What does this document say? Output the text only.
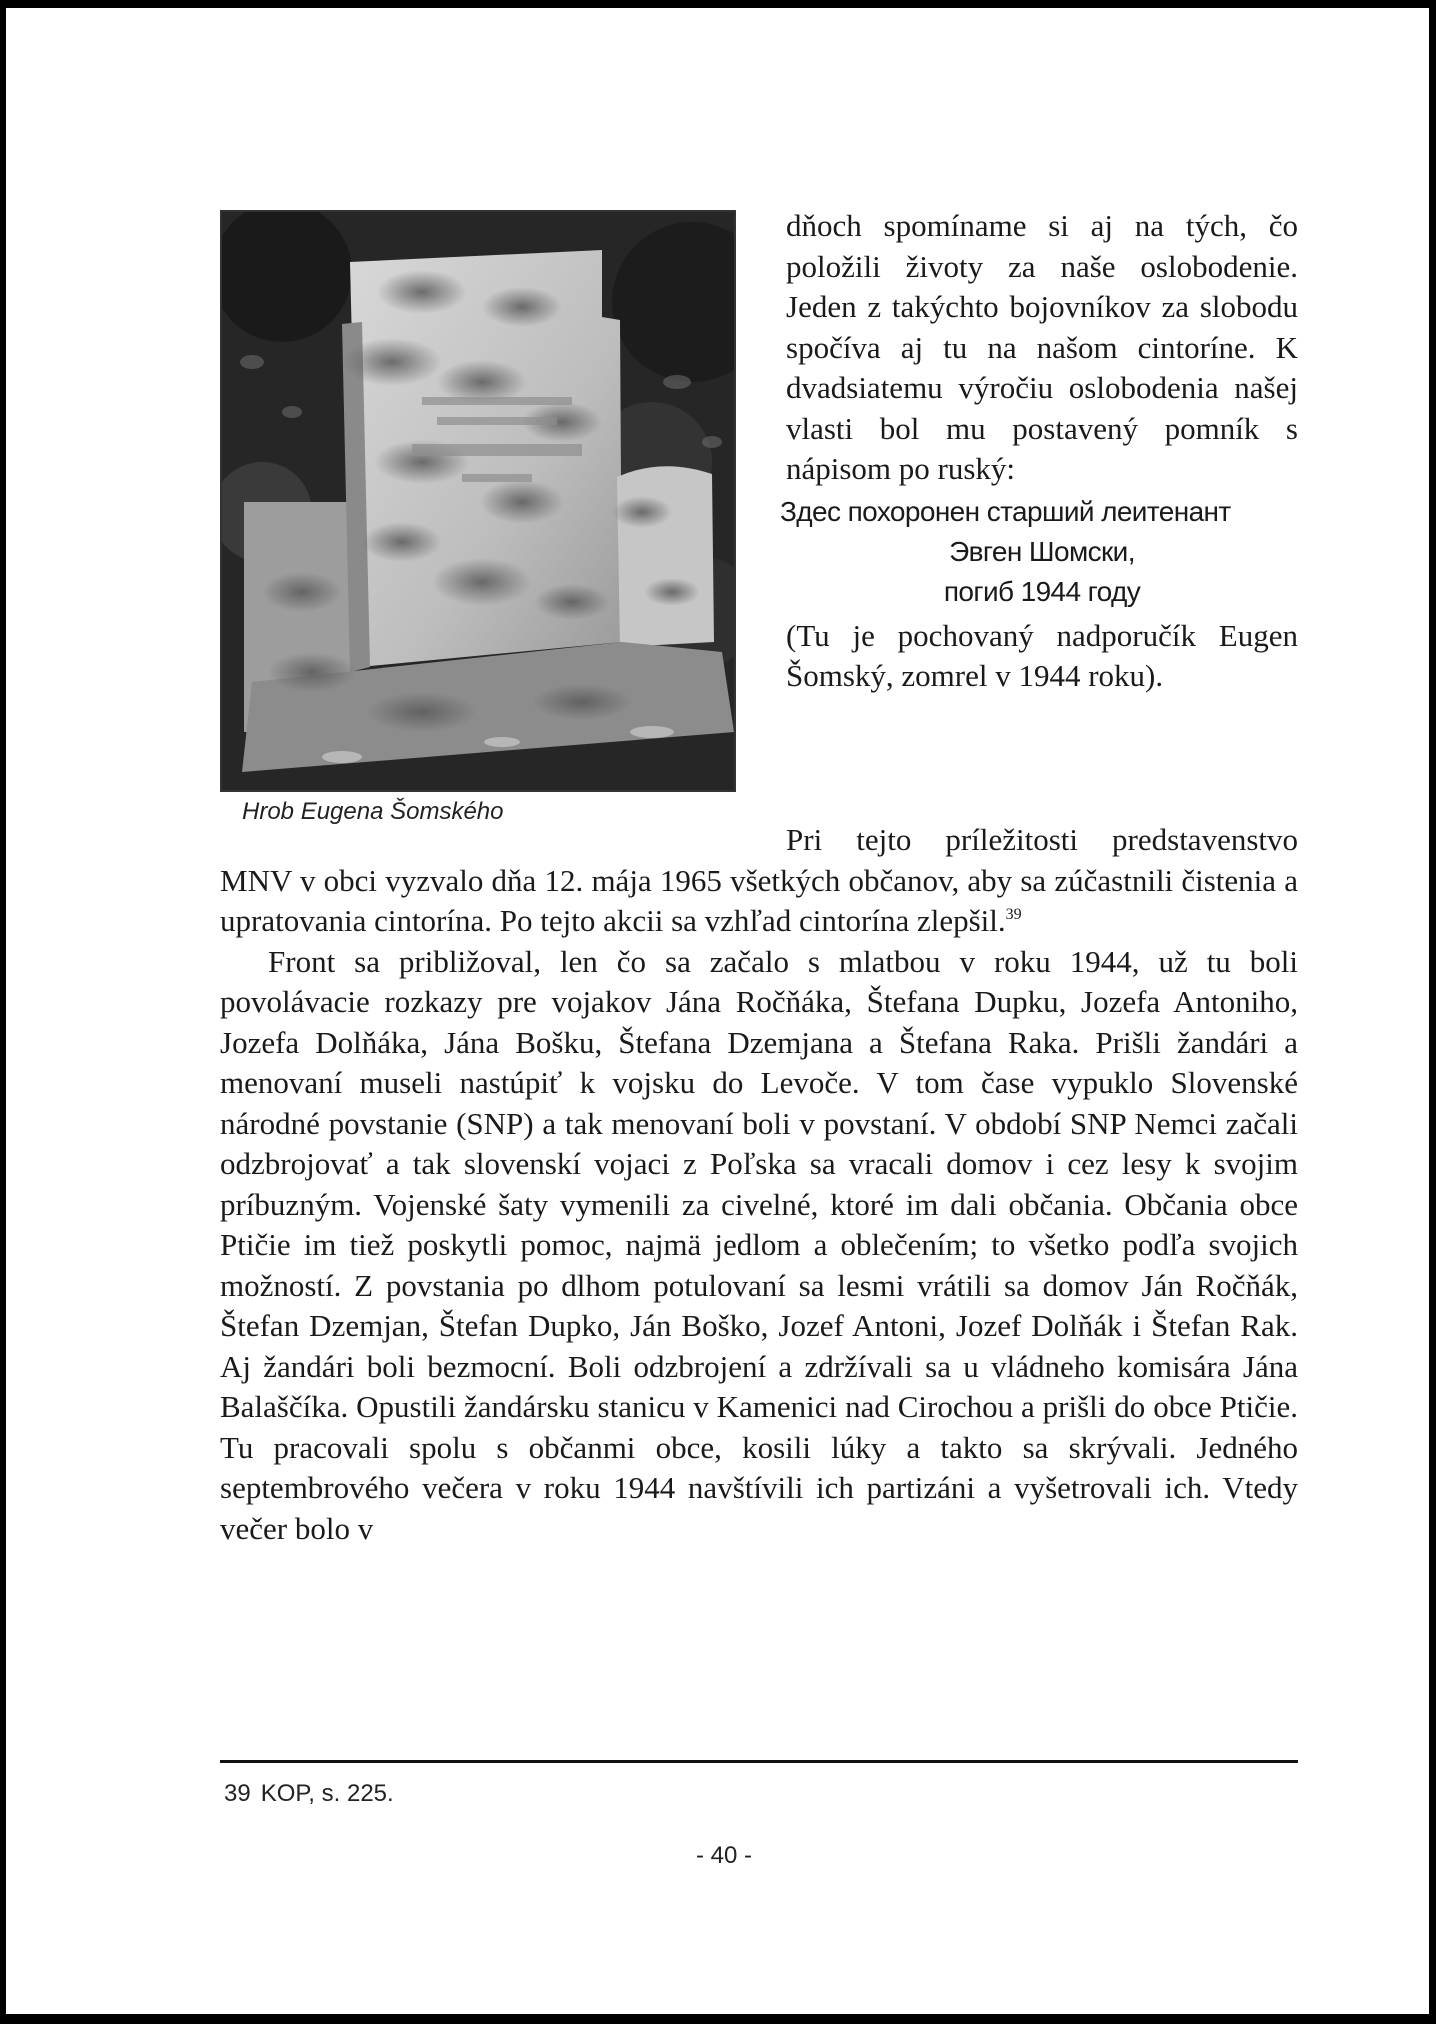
Hrob Eugena Šomského

dňoch spomíname si aj na tých, čo položili životy za naše oslobodenie. Jeden z takýchto bojovníkov za slobodu spočíva aj tu na našom cintoríne. K dvadsiatemu výročiu oslobodenia našej vlasti bol mu postavený pomník s nápisom po ruský:

Здес похоронен старший леитенант
Эвген Шомски,
погиб 1944 году

(Tu je pochovaný nadporučík Eugen Šomský, zomrel v 1944 roku).

Pri tejto príležitosti predstavenstvo MNV v obci vyzvalo dňa 12. mája 1965 všetkých občanov, aby sa zúčastnili čistenia a upratovania cintorína. Po tejto akcii sa vzhľad cintorína zlepšil.$^{39}$

Front sa približoval, len čo sa začalo s mlatbou v roku 1944, už tu boli povolávacie rozkazy pre vojakov Jána Ročňáka, Štefana Dupku, Jozefa Antoniho, Jozefa Dolňáka, Jána Bošku, Štefana Dzemjana a Štefana Raka. Prišli žandári a menovaní museli nastúpiť k vojsku do Levoče. V tom čase vypuklo Slovenské národné povstanie (SNP) a tak menovaní boli v povstaní. V období SNP Nemci začali odzbrojovať a tak slovenskí vojaci z Poľska sa vracali domov i cez lesy k svojim príbuzným. Vojenské šaty vymenili za civelné, ktoré im dali občania. Občania obce Ptičie im tiež poskytli pomoc, najmä jedlom a oblečením; to všetko podľa svojich možností. Z povstania po dlhom potulovaní sa lesmi vrátili sa domov Ján Ročňák, Štefan Dzemjan, Štefan Dupko, Ján Boško, Jozef Antoni, Jozef Dolňák i Štefan Rak. Aj žandári boli bezmocní. Boli odzbrojení a zdržívali sa u vládneho komisára Jána Balaščíka. Opustili žandársku stanicu v Kamenici nad Cirochou a prišli do obce Ptičie. Tu pracovali spolu s občanmi obce, kosili lúky a takto sa skrývali. Jedného septembrového večera v roku 1944 navštívili ich partizáni a vyšetrovali ich. Vtedy večer bolo v

39 KOP, s. 225.
- 40 -
